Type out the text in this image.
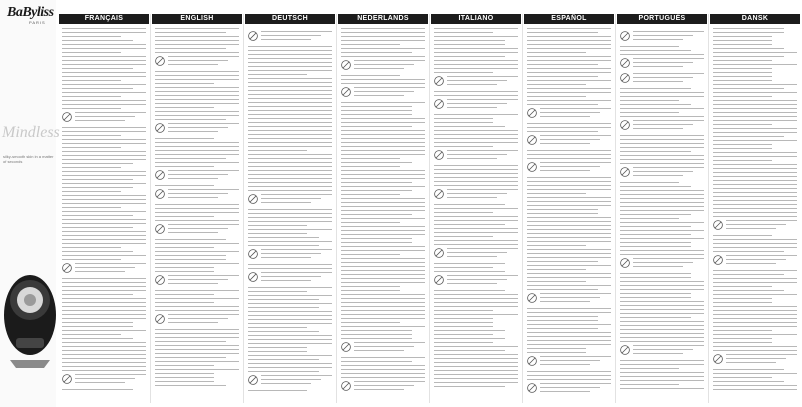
BaByliss
PARIS
Mindless
silky-smooth skin in a matter of seconds
FRANÇAIS	ENGLISH	DEUTSCH	NEDERLANDS	ITALIANO	ESPAÑOL	PORTUGUÊS	DANSK
